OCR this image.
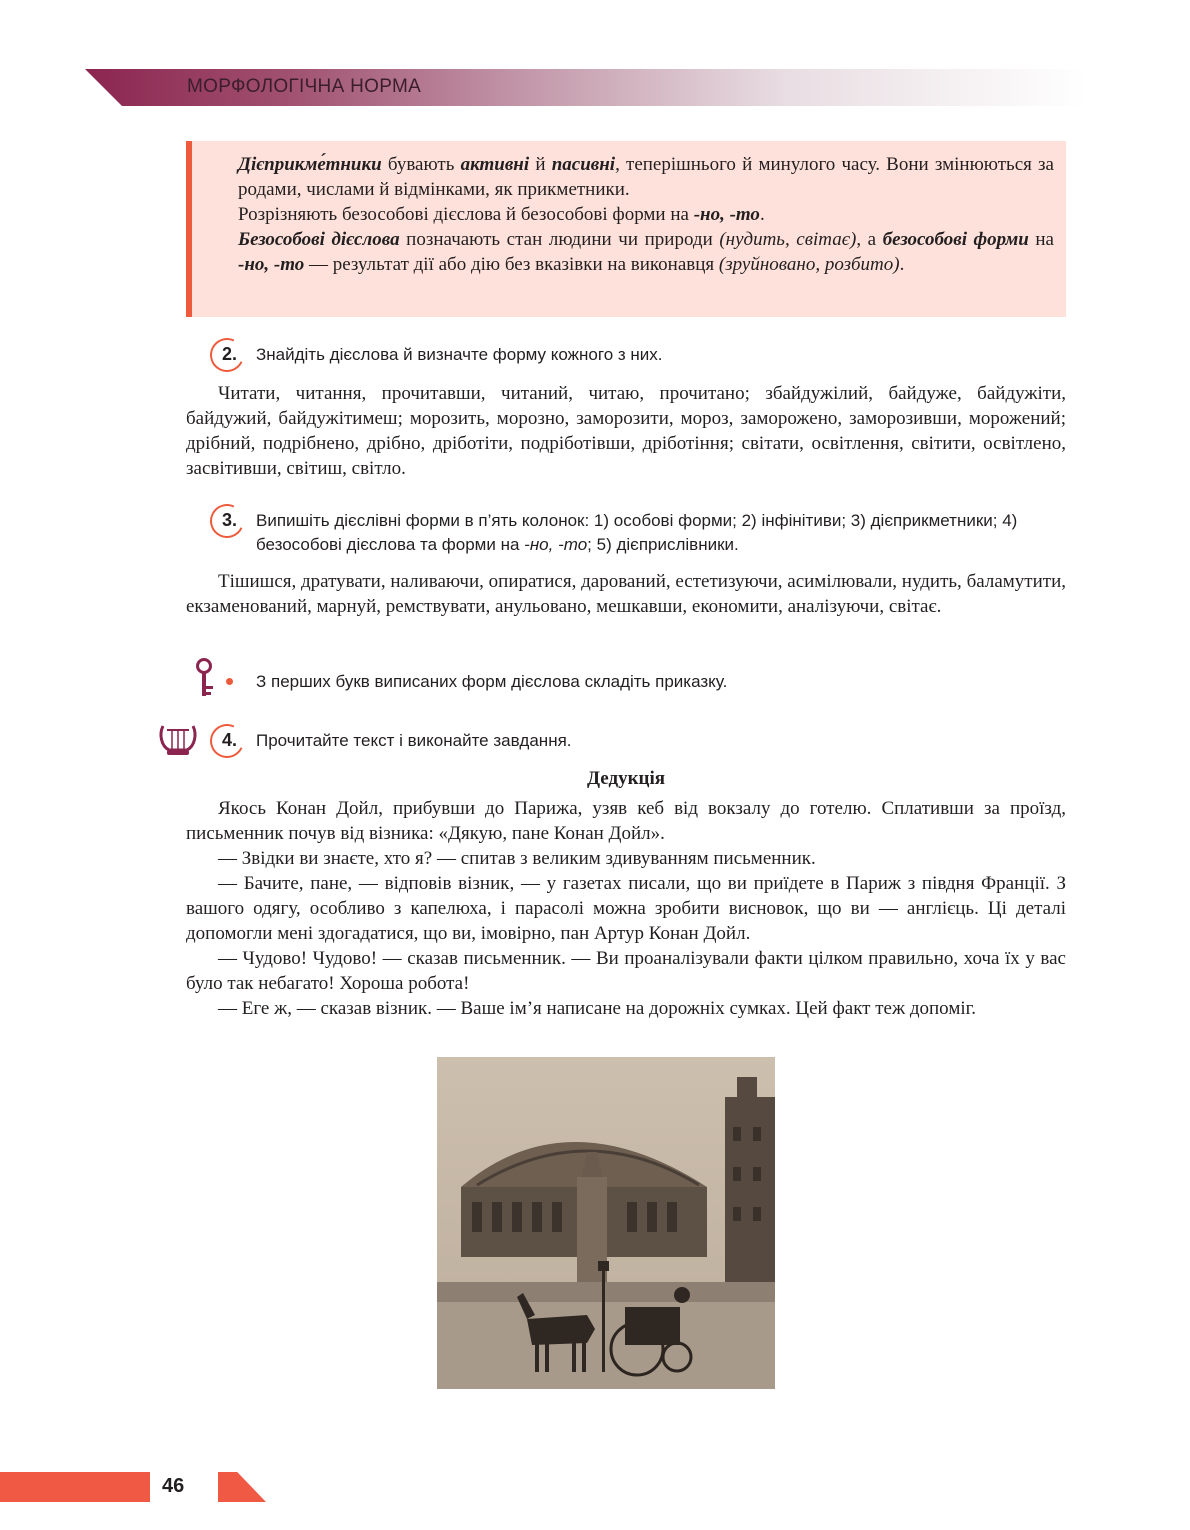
МОРФОЛОГІЧНА НОРМА

Дієприкме́тники бувають активні й пасивні, теперішнього й минулого часу. Вони змінюються за родами, числами й відмінками, як прикметники.

Розрізняють безособові дієслова й безособові форми на -но, -то.

Безособові дієслова позначають стан людини чи природи (нудить, світає), а безособові форми на -но, -то — результат дії або дію без вказівки на виконавця (зруйновано, розбито).

2. Знайдіть дієслова й визначте форму кожного з них.

Читати, читання, прочитавши, читаний, читаю, прочитано; збайдужілий, байдуже, байдужіти, байдужий, байдужітимеш; морозить, морозно, заморозити, мороз, заморожено, заморозивши, морожений; дрібний, подрібнено, дрібно, дріботіти, подріботівши, дріботіння; світати, освітлення, світити, освітлено, засвітивши, світиш, світло.

3. Випишіть дієслівні форми в п’ять колонок: 1) особові форми; 2) інфінітиви; 3) дієприкметники; 4) безособові дієслова та форми на -но, -то; 5) дієприслівники.

Тішишся, дратувати, наливаючи, опиратися, дарований, естетизуючи, асимілювали, нудить, баламутити, екзаменований, марнуй, ремствувати, анульовано, мешкавши, економити, аналізуючи, світає.

З перших букв виписаних форм дієслова складіть приказку.
4. Прочитайте текст і виконайте завдання.
Дедукція

Якось Конан Дойл, прибувши до Парижа, узяв кеб від вокзалу до готелю. Сплативши за проїзд, письменник почув від візника: «Дякую, пане Конан Дойл».

— Звідки ви знаєте, хто я? — спитав з великим здивуванням письменник.

— Бачите, пане, — відповів візник, — у газетах писали, що ви приїдете в Париж з півдня Франції. З вашого одягу, особливо з капелюха, і парасолі можна зробити висновок, що ви — англієць. Ці деталі допомогли мені здогадатися, що ви, імовірно, пан Артур Конан Дойл.

— Чудово! Чудово! — сказав письменник. — Ви проаналізували факти цілком правильно, хоча їх у вас було так небагато! Хороша робота!

— Еге ж, — сказав візник. — Ваше ім’я написане на дорожніх сумках. Цей факт теж допоміг.

46
